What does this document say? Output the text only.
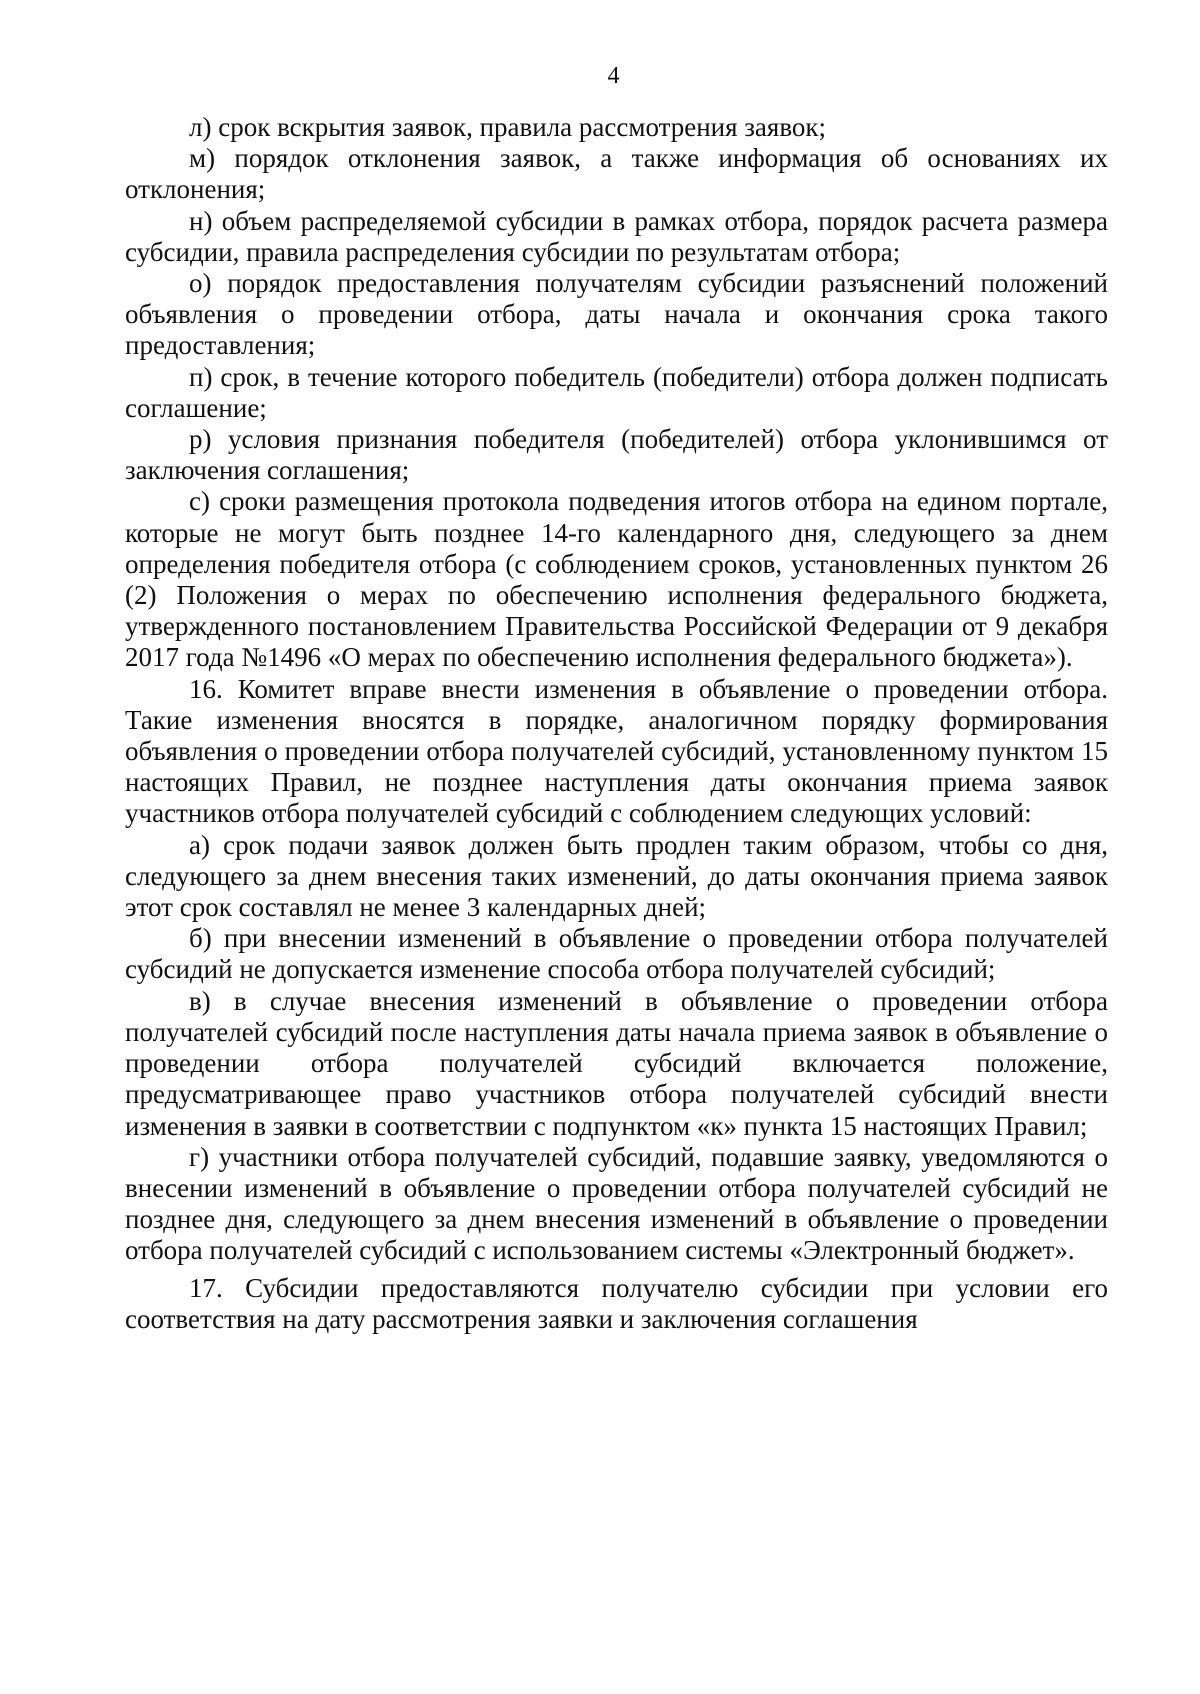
4

л) срок вскрытия заявок, правила рассмотрения заявок;

м) порядок отклонения заявок, а также информация об основаниях их отклонения;

н) объем распределяемой субсидии в рамках отбора, порядок расчета размера субсидии, правила распределения субсидии по результатам отбора;

о) порядок предоставления получателям субсидии разъяснений положений объявления о проведении отбора, даты начала и окончания срока такого предоставления;

п) срок, в течение которого победитель (победители) отбора должен подписать соглашение;

р) условия признания победителя (победителей) отбора уклонившимся от заключения соглашения;

с) сроки размещения протокола подведения итогов отбора на едином портале, которые не могут быть позднее 14-го календарного дня, следующего за днем определения победителя отбора (с соблюдением сроков, установленных пунктом 26 (2) Положения о мерах по обеспечению исполнения федерального бюджета, утвержденного постановлением Правительства Российской Федерации от 9 декабря 2017 года №1496 «О мерах по обеспечению исполнения федерального бюджета»).

16. Комитет вправе внести изменения в объявление о проведении отбора. Такие изменения вносятся в порядке, аналогичном порядку формирования объявления о проведении отбора получателей субсидий, установленному пунктом 15 настоящих Правил, не позднее наступления даты окончания приема заявок участников отбора получателей субсидий с соблюдением следующих условий:

а) срок подачи заявок должен быть продлен таким образом, чтобы со дня, следующего за днем внесения таких изменений, до даты окончания приема заявок этот срок составлял не менее 3 календарных дней;

б) при внесении изменений в объявление о проведении отбора получателей субсидий не допускается изменение способа отбора получателей субсидий;

в) в случае внесения изменений в объявление о проведении отбора получателей субсидий после наступления даты начала приема заявок в объявление о проведении отбора получателей субсидий включается положение, предусматривающее право участников отбора получателей субсидий внести изменения в заявки в соответствии с подпунктом «к» пункта 15 настоящих Правил;

г) участники отбора получателей субсидий, подавшие заявку, уведомляются о внесении изменений в объявление о проведении отбора получателей субсидий не позднее дня, следующего за днем внесения изменений в объявление о проведении отбора получателей субсидий с использованием системы «Электронный бюджет».

17. Субсидии предоставляются получателю субсидии при условии его соответствия на дату рассмотрения заявки и заключения соглашения
